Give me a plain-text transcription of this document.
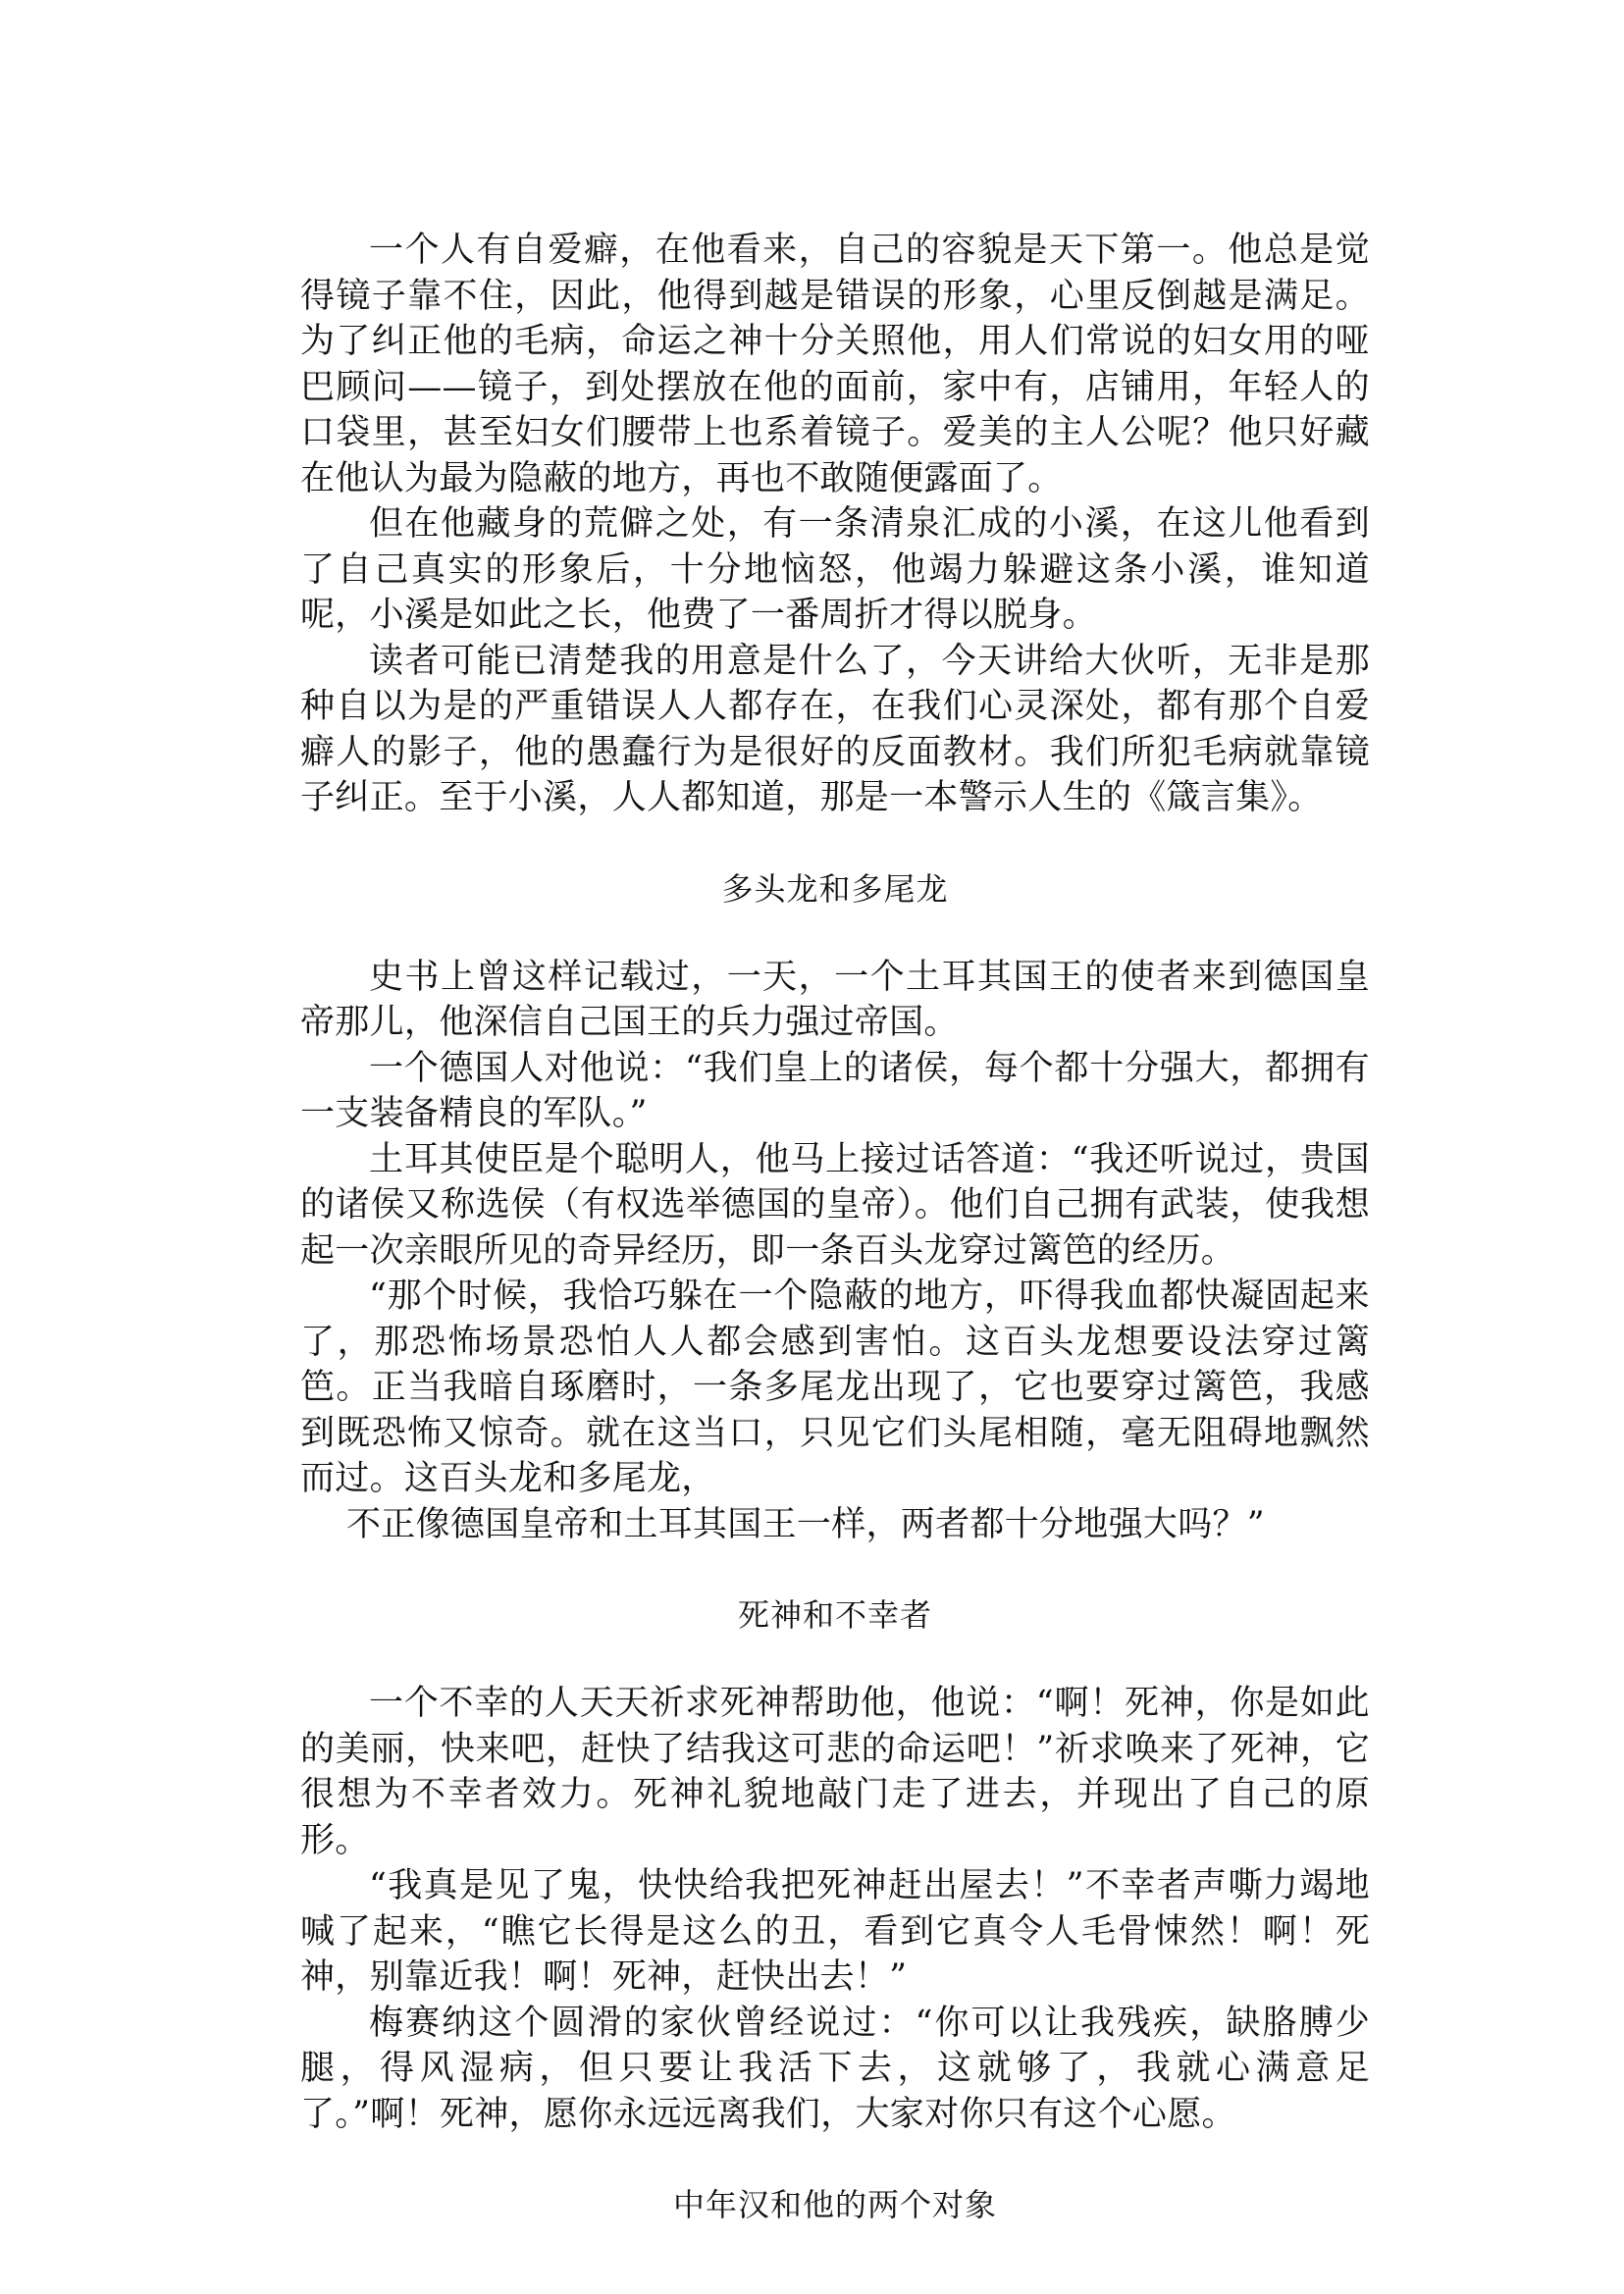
一个人有自爱癖，在他看来，自己的容貌是天下第一。他总是觉得镜子靠不住，因此，他得到越是错误的形象，心里反倒越是满足。为了纠正他的毛病，命运之神十分关照他，用人们常说的妇女用的哑巴顾问——镜子，到处摆放在他的面前，家中有，店铺用，年轻人的口袋里，甚至妇女们腰带上也系着镜子。爱美的主人公呢？他只好藏在他认为最为隐蔽的地方，再也不敢随便露面了。

但在他藏身的荒僻之处，有一条清泉汇成的小溪，在这儿他看到了自己真实的形象后，十分地恼怒，他竭力躲避这条小溪，谁知道呢，小溪是如此之长，他费了一番周折才得以脱身。

读者可能已清楚我的用意是什么了，今天讲给大伙听，无非是那种自以为是的严重错误人人都存在，在我们心灵深处，都有那个自爱癖人的影子，他的愚蠢行为是很好的反面教材。我们所犯毛病就靠镜子纠正。至于小溪，人人都知道，那是一本警示人生的《箴言集》。

多头龙和多尾龙

史书上曾这样记载过，一天，一个土耳其国王的使者来到德国皇帝那儿，他深信自己国王的兵力强过帝国。

一个德国人对他说：“我们皇上的诸侯，每个都十分强大，都拥有一支装备精良的军队。”

土耳其使臣是个聪明人，他马上接过话答道：“我还听说过，贵国的诸侯又称选侯（有权选举德国的皇帝）。他们自己拥有武装，使我想起一次亲眼所见的奇异经历，即一条百头龙穿过篱笆的经历。

“那个时候，我恰巧躲在一个隐蔽的地方，吓得我血都快凝固起来了，那恐怖场景恐怕人人都会感到害怕。这百头龙想要设法穿过篱笆。正当我暗自琢磨时，一条多尾龙出现了，它也要穿过篱笆，我感到既恐怖又惊奇。就在这当口，只见它们头尾相随，毫无阻碍地飘然而过。这百头龙和多尾龙，

不正像德国皇帝和土耳其国王一样，两者都十分地强大吗？”

死神和不幸者

一个不幸的人天天祈求死神帮助他，他说：“啊！死神，你是如此的美丽，快来吧，赶快了结我这可悲的命运吧！”祈求唤来了死神，它很想为不幸者效力。死神礼貌地敲门走了进去，并现出了自己的原形。

“我真是见了鬼，快快给我把死神赶出屋去！”不幸者声嘶力竭地喊了起来，“瞧它长得是这么的丑，看到它真令人毛骨悚然！啊！死神，别靠近我！啊！死神，赶快出去！”

梅赛纳这个圆滑的家伙曾经说过：“你可以让我残疾，缺胳膊少腿，得风湿病，但只要让我活下去，这就够了，我就心满意足了。”啊！死神，愿你永远远离我们，大家对你只有这个心愿。

中年汉和他的两个对象
